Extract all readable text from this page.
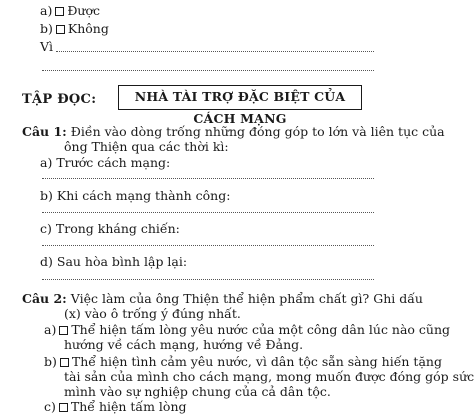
a) Được
b) Không
Vì
TẬP ĐỌC:	NHÀ TÀI TRỢ ĐẶC BIỆT CỦA CÁCH MẠNG
Câu 1: Điền vào dòng trống những đóng góp to lớn và liên tục của
ông Thiện qua các thời kì:
a) Trước cách mạng:
b) Khi cách mạng thành công:
c) Trong kháng chiến:
d) Sau hòa bình lập lại:
Câu 2: Việc làm của ông Thiện thể hiện phẩm chất gì? Ghi dấu
(x) vào ô trống ý đúng nhất.
a) Thể hiện tấm lòng yêu nước của một công dân lúc nào cũng
hướng về cách mạng, hướng về Đảng.
b) Thể hiện tình cảm yêu nước, vì dân tộc sẵn sàng hiến tặng
tài sản của mình cho cách mạng, mong muốn được đóng góp sức
mình vào sự nghiệp chung của cả dân tộc.
c) Thể hiện tấm lòng
